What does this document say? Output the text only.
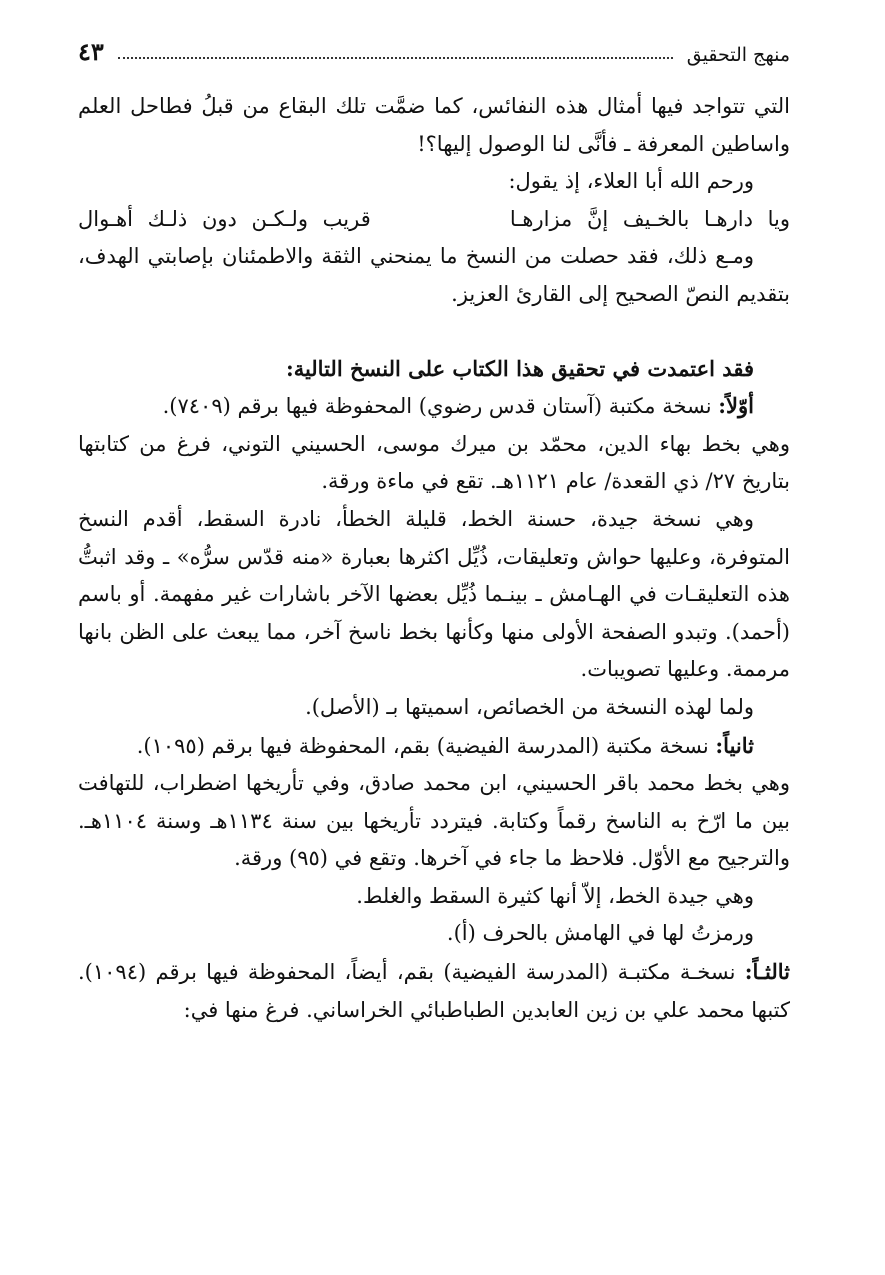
منهج التحقيق
٤٣
التي تتواجد فيها أمثال هذه النفائس، كما ضمَّت تلك البقاع من قبلُ فطاحل العلم واساطين المعرفة ـ فأنَّى لنا الوصول إليها؟!
ورحم الله أبا العلاء، إذ يقول:
ويا دارهـا بالخـيف إنَّ مزارهـا
قريب ولـكـن دون ذلـك أهـوال
ومـع ذلك، فقد حصلت من النسخ ما يمنحني الثقة والاطمئنان بإصابتي الهدف، بتقديم النصّ الصحيح إلى القارئ العزيز.
فقد اعتمدت في تحقيق هذا الكتاب على النسخ التالية:
أوّلاً: نسخة مكتبة (آستان قدس رضوي) المحفوظة فيها برقم (٧٤٠٩).
وهي بخط بهاء الدين، محمّد بن ميرك موسى، الحسيني التوني، فرغ من كتابتها بتاريخ ٢٧/ ذي القعدة/ عام ١١٢١هـ. تقع في ماءة ورقة.
وهي نسخة جيدة، حسنة الخط، قليلة الخطأ، نادرة السقط، أقدم النسخ المتوفرة، وعليها حواش وتعليقات، ذُيِّل اكثرها بعبارة «منه قدّس سرُّه» ـ وقد اثبتُّ هذه التعليقـات في الهـامش ـ بينـما ذُيِّل بعضها الآخر باشارات غير مفهمة. أو باسم (أحمد). وتبدو الصفحة الأولى منها وكأنها بخط ناسخ آخر، مما يبعث على الظن بانها مرممة. وعليها تصويبات.
ولما لهذه النسخة من الخصائص، اسميتها بـ (الأصل).
ثانياً: نسخة مكتبة (المدرسة الفيضية) بقم، المحفوظة فيها برقم (١٠٩٥).
وهي بخط محمد باقر الحسيني، ابن محمد صادق، وفي تأريخها اضطراب، للتهافت بين ما ارّخ به الناسخ رقماً وكتابة. فيتردد تأريخها بين سنة ١١٣٤هـ وسنة ١١٠٤هـ. والترجيح مع الأوّل. فلاحظ ما جاء في آخرها. وتقع في (٩٥) ورقة.
وهي جيدة الخط، إلاّ أنها كثيرة السقط والغلط.
ورمزتُ لها في الهامش بالحرف (أ).
ثالثـاً: نسخـة مكتبـة (المدرسة الفيضية) بقم، أيضاً، المحفوظة فيها برقم (١٠٩٤). كتبها محمد علي بن زين العابدين الطباطبائي الخراساني. فرغ منها في:
